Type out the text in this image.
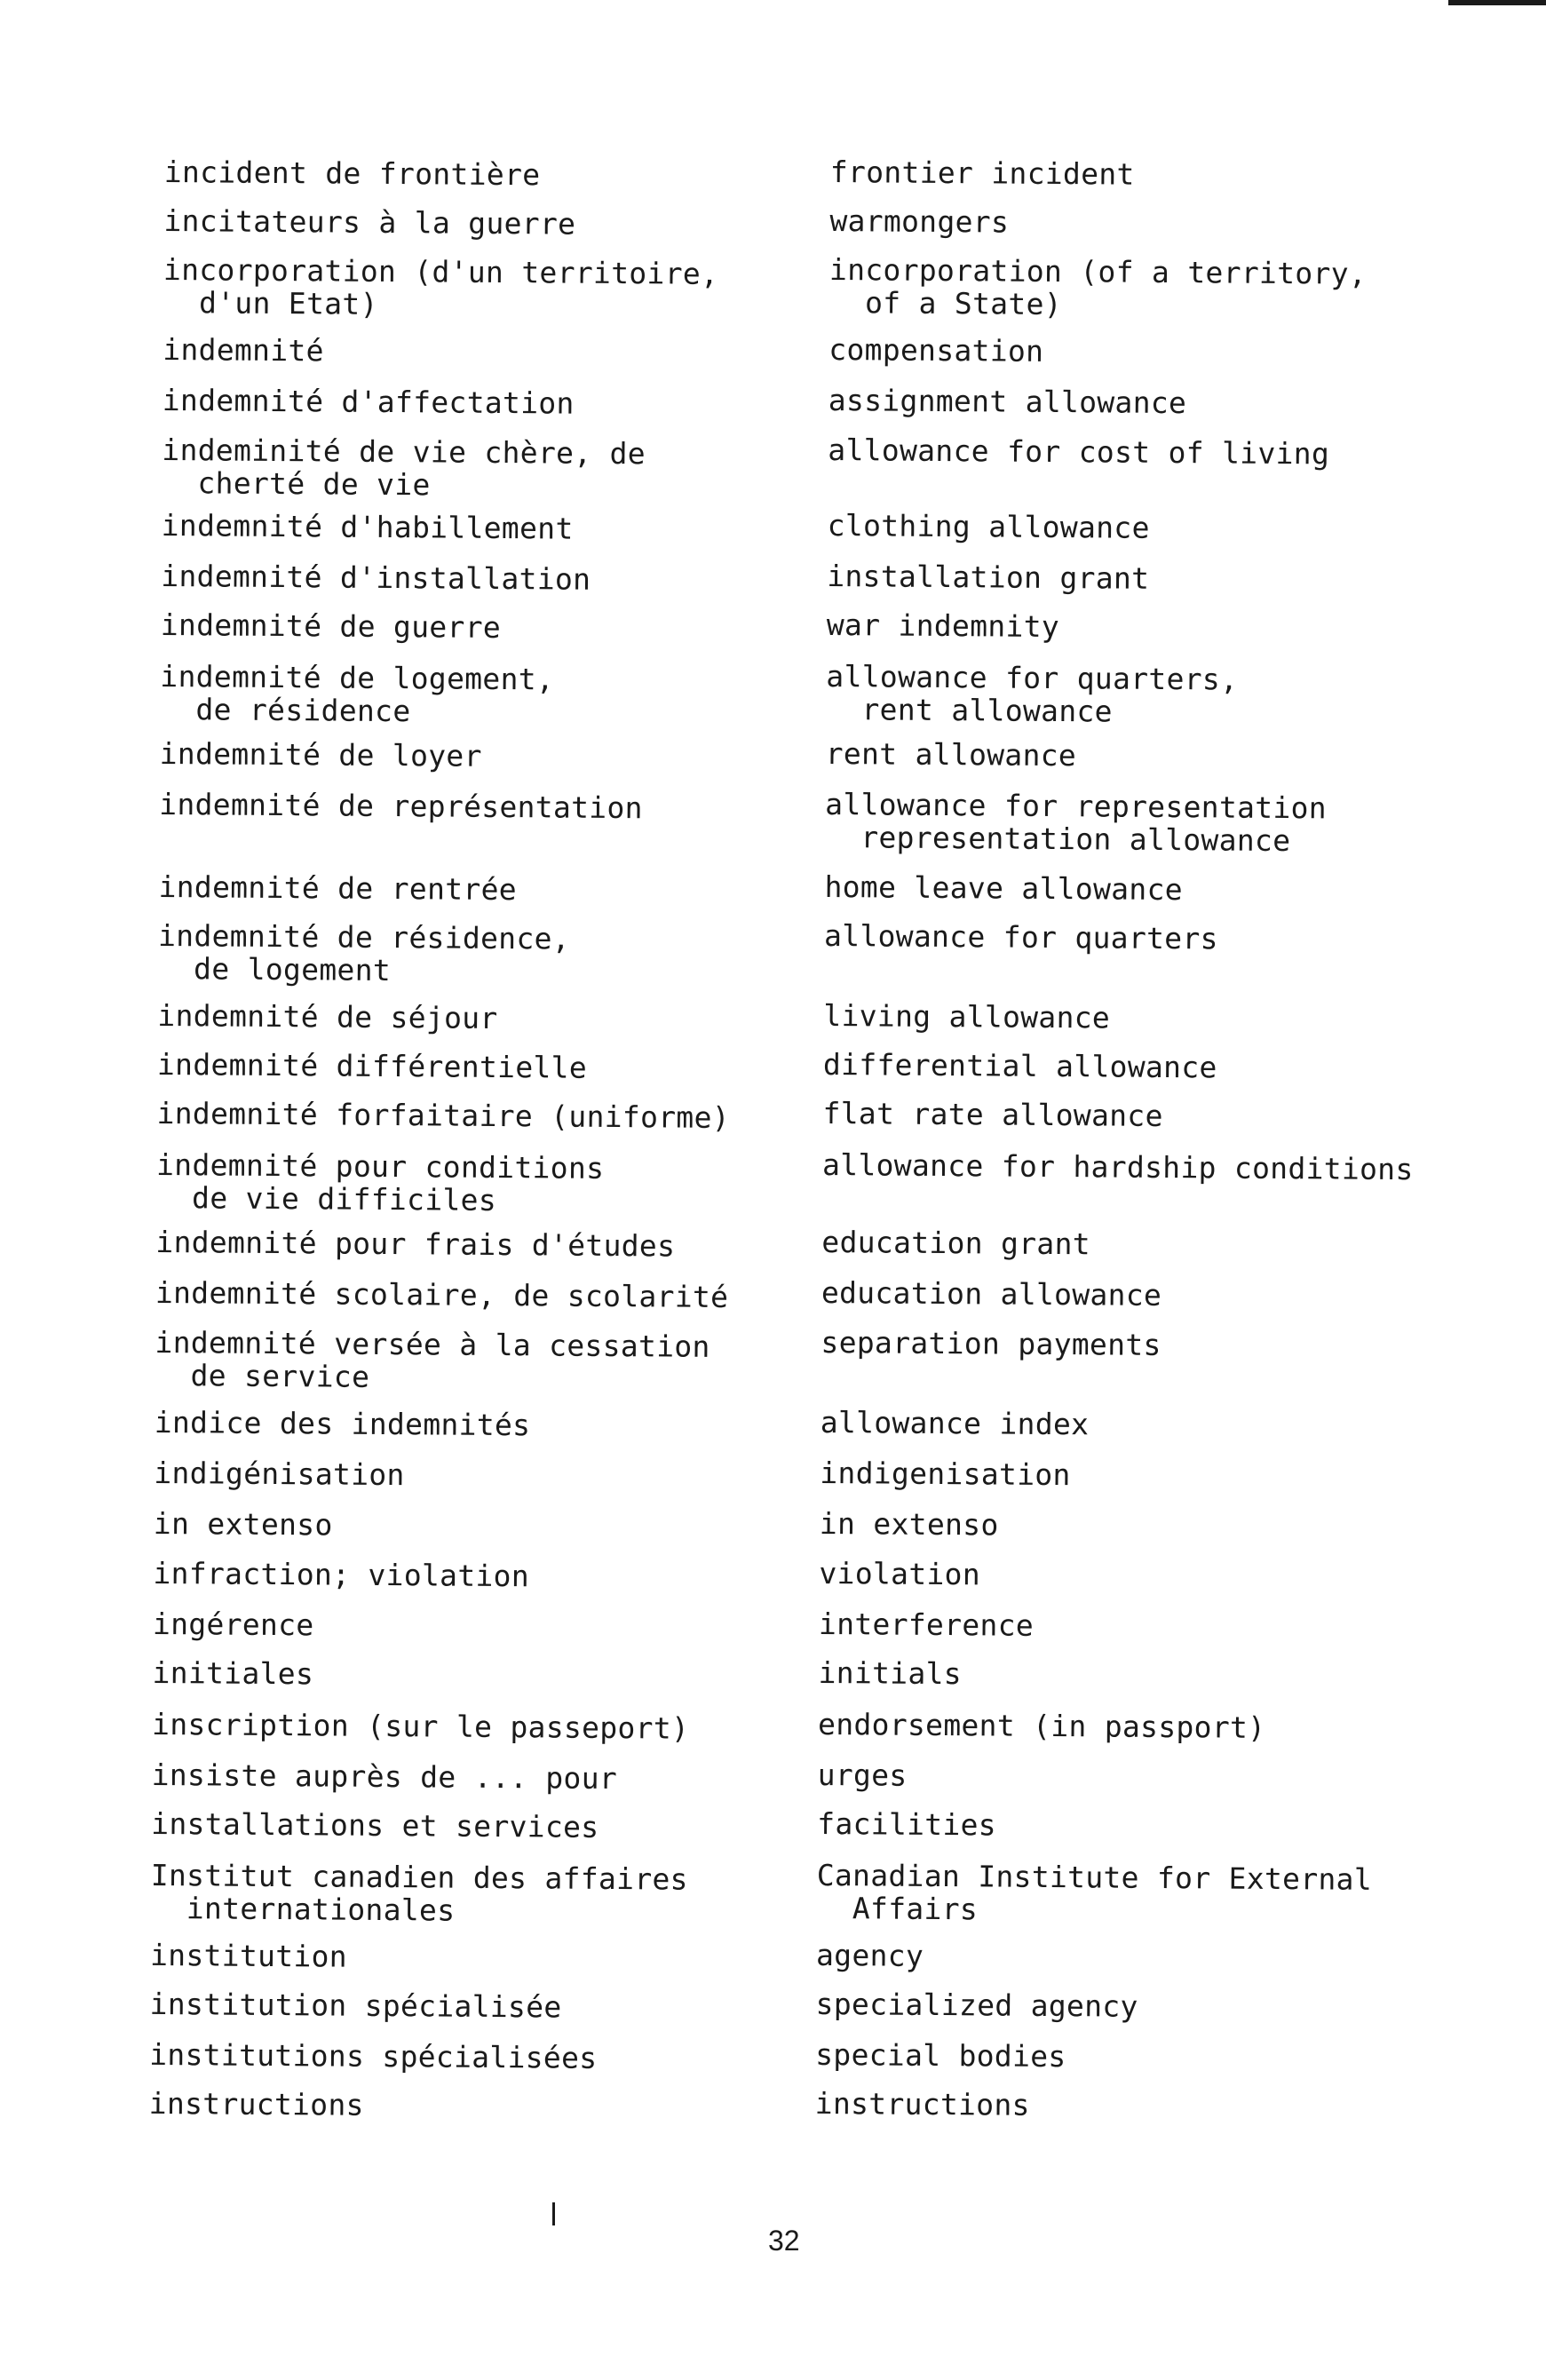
incident de frontière
incitateurs à la guerre
incorporation (d'un territoire,
d'un Etat)
indemnité
indemnité d'affectation
indeminité de vie chère, de
cherté de vie
indemnité d'habillement
indemnité d'installation
indemnité de guerre
indemnité de logement,
de résidence
indemnité de loyer
indemnité de représentation
indemnité de rentrée
indemnité de résidence,
de logement
indemnité de séjour
indemnité différentielle
indemnité forfaitaire (uniforme)
indemnité pour conditions
de vie difficiles
indemnité pour frais d'études
indemnité scolaire, de scolarité
indemnité versée à la cessation
de service
indice des indemnités
indigénisation
in extenso
infraction; violation
ingérence
initiales
inscription (sur le passeport)
insiste auprès de ... pour
installations et services
Institut canadien des affaires
internationales
institution
institution spécialisée
institutions spécialisées
instructions
frontier incident
warmongers
incorporation (of a territory,
of a State)
compensation
assignment allowance
allowance for cost of living
clothing allowance
installation grant
war indemnity
allowance for quarters,
rent allowance
rent allowance
allowance for representation
representation allowance
home leave allowance
allowance for quarters
living allowance
differential allowance
flat rate allowance
allowance for hardship conditions
education grant
education allowance
separation payments
allowance index
indigenisation
in extenso
violation
interference
initials
endorsement (in passport)
urges
facilities
Canadian Institute for External
Affairs
agency
specialized agency
special bodies
instructions
32
